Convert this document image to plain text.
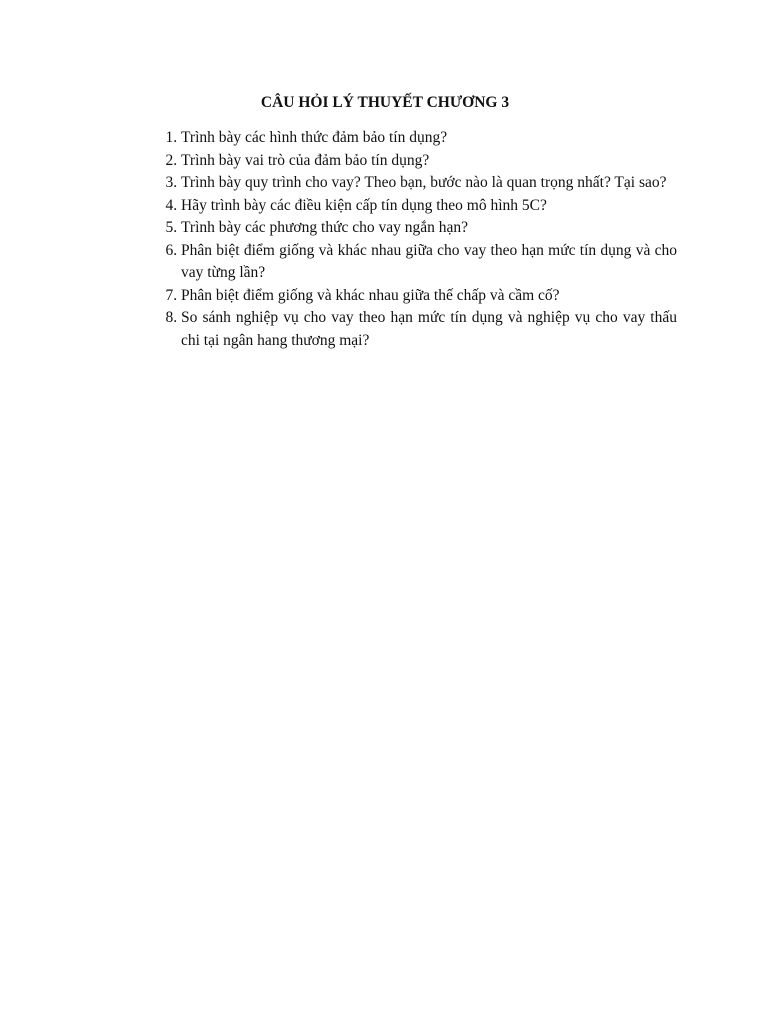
CÂU HỎI LÝ THUYẾT CHƯƠNG 3
1. Trình bày các hình thức đảm bảo tín dụng?
2. Trình bày vai trò của đảm bảo tín dụng?
3. Trình bày quy trình cho vay? Theo bạn, bước nào là quan trọng nhất? Tại sao?
4. Hãy trình bày các điều kiện cấp tín dụng theo mô hình 5C?
5. Trình bày các phương thức cho vay ngắn hạn?
6. Phân biệt điểm giống và khác nhau giữa cho vay theo hạn mức tín dụng và cho vay từng lần?
7. Phân biệt điểm giống và khác nhau giữa thế chấp và cầm cố?
8. So sánh nghiệp vụ cho vay theo hạn mức tín dụng và nghiệp vụ cho vay thấu chi tại ngân hang thương mại?
